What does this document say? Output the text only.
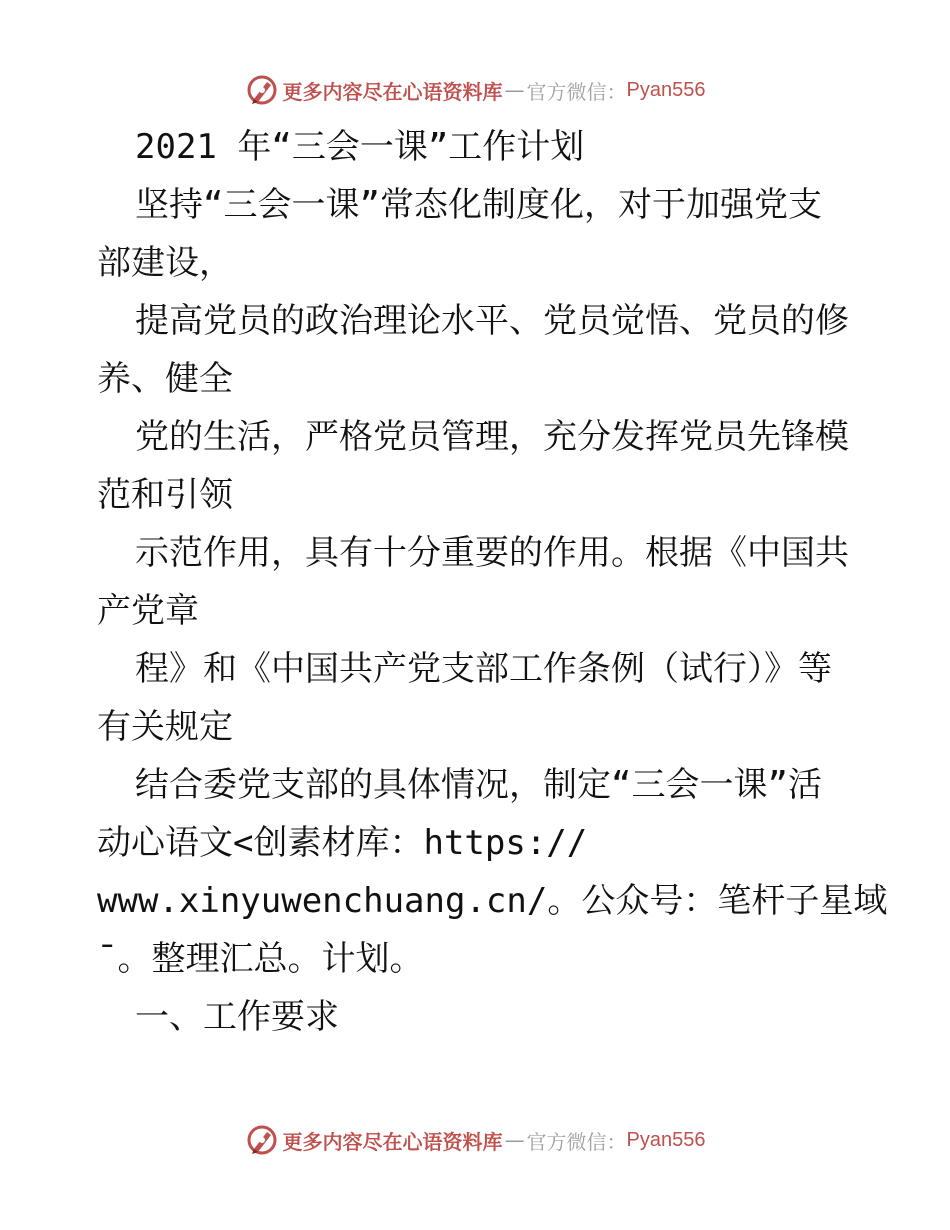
更多内容尽在心语资料库 — 官方微信： Pyan556
2021 年“三会一课”工作计划
坚持“三会一课”常态化制度化，对于加强党支
部建设，
提高党员的政治理论水平、党员觉悟、党员的修
养、健全
党的生活，严格党员管理，充分发挥党员先锋模
范和引领
示范作用，具有十分重要的作用。根据《中国共
产党章
程》和《中国共产党支部工作条例（试行）》等
有关规定
结合委党支部的具体情况，制定“三会一课”活
动心语文<创素材库：https://
www.xinyuwenchuang.cn/。公众号：笔杆子星域
¯。整理汇总。计划。
一、工作要求
更多内容尽在心语资料库 — 官方微信： Pyan556
